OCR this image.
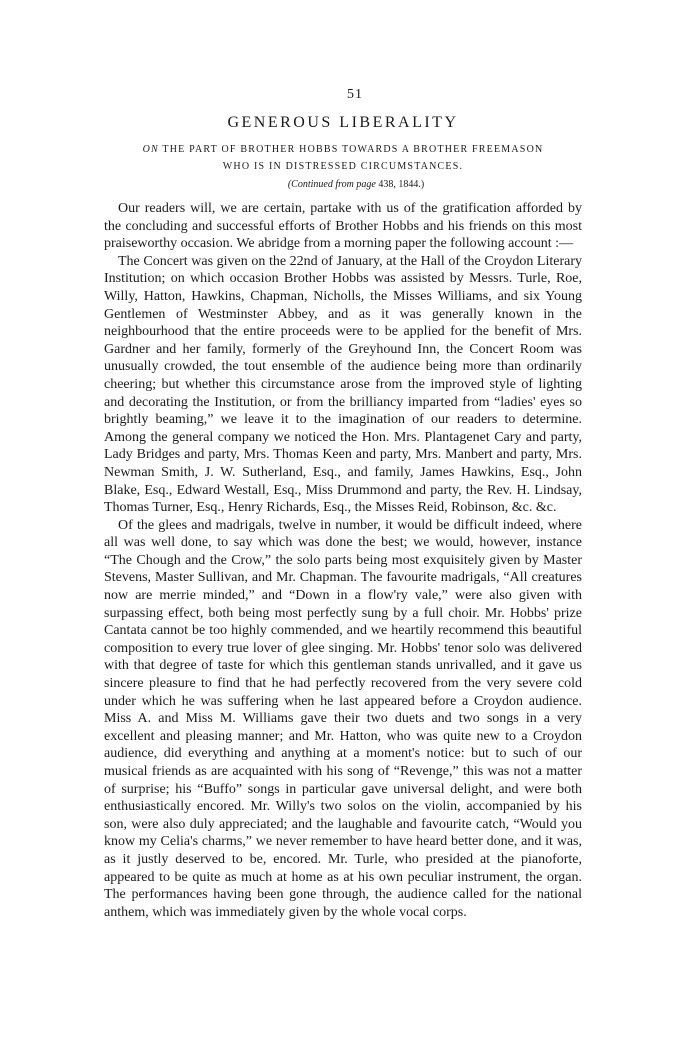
51
GENEROUS LIBERALITY
ON THE PART OF BROTHER HOBBS TOWARDS A BROTHER FREEMASON
WHO IS IN DISTRESSED CIRCUMSTANCES.
(Continued from page 438, 1844.)

Our readers will, we are certain, partake with us of the gratification afforded by the concluding and successful efforts of Brother Hobbs and his friends on this most praiseworthy occasion. We abridge from a morning paper the following account :—

The Concert was given on the 22nd of January, at the Hall of the Croydon Literary Institution; on which occasion Brother Hobbs was assisted by Messrs. Turle, Roe, Willy, Hatton, Hawkins, Chapman, Nicholls, the Misses Williams, and six Young Gentlemen of Westminster Abbey, and as it was generally known in the neighbourhood that the entire proceeds were to be applied for the benefit of Mrs. Gardner and her family, formerly of the Greyhound Inn, the Concert Room was unusually crowded, the tout ensemble of the audience being more than ordinarily cheering; but whether this circumstance arose from the improved style of lighting and decorating the Institution, or from the brilliancy imparted from “ladies' eyes so brightly beaming,” we leave it to the imagination of our readers to determine. Among the general company we noticed the Hon. Mrs. Plantagenet Cary and party, Lady Bridges and party, Mrs. Thomas Keen and party, Mrs. Manbert and party, Mrs. Newman Smith, J. W. Sutherland, Esq., and family, James Hawkins, Esq., John Blake, Esq., Edward Westall, Esq., Miss Drummond and party, the Rev. H. Lindsay, Thomas Turner, Esq., Henry Richards, Esq., the Misses Reid, Robinson, &c. &c.

Of the glees and madrigals, twelve in number, it would be difficult indeed, where all was well done, to say which was done the best; we would, however, instance “The Chough and the Crow,” the solo parts being most exquisitely given by Master Stevens, Master Sullivan, and Mr. Chapman. The favourite madrigals, “All creatures now are merrie minded,” and “Down in a flow'ry vale,” were also given with surpassing effect, both being most perfectly sung by a full choir. Mr. Hobbs' prize Cantata cannot be too highly commended, and we heartily recommend this beautiful composition to every true lover of glee singing. Mr. Hobbs' tenor solo was delivered with that degree of taste for which this gentleman stands unrivalled, and it gave us sincere pleasure to find that he had perfectly recovered from the very severe cold under which he was suffering when he last appeared before a Croydon audience. Miss A. and Miss M. Williams gave their two duets and two songs in a very excellent and pleasing manner; and Mr. Hatton, who was quite new to a Croydon audience, did everything and anything at a moment's notice: but to such of our musical friends as are acquainted with his song of “Revenge,” this was not a matter of surprise; his “Buffo” songs in particular gave universal delight, and were both enthusiastically encored. Mr. Willy's two solos on the violin, accompanied by his son, were also duly appreciated; and the laughable and favourite catch, “Would you know my Celia's charms,” we never remember to have heard better done, and it was, as it justly deserved to be, encored. Mr. Turle, who presided at the pianoforte, appeared to be quite as much at home as at his own peculiar instrument, the organ. The performances having been gone through, the audience called for the national anthem, which was immediately given by the whole vocal corps.
